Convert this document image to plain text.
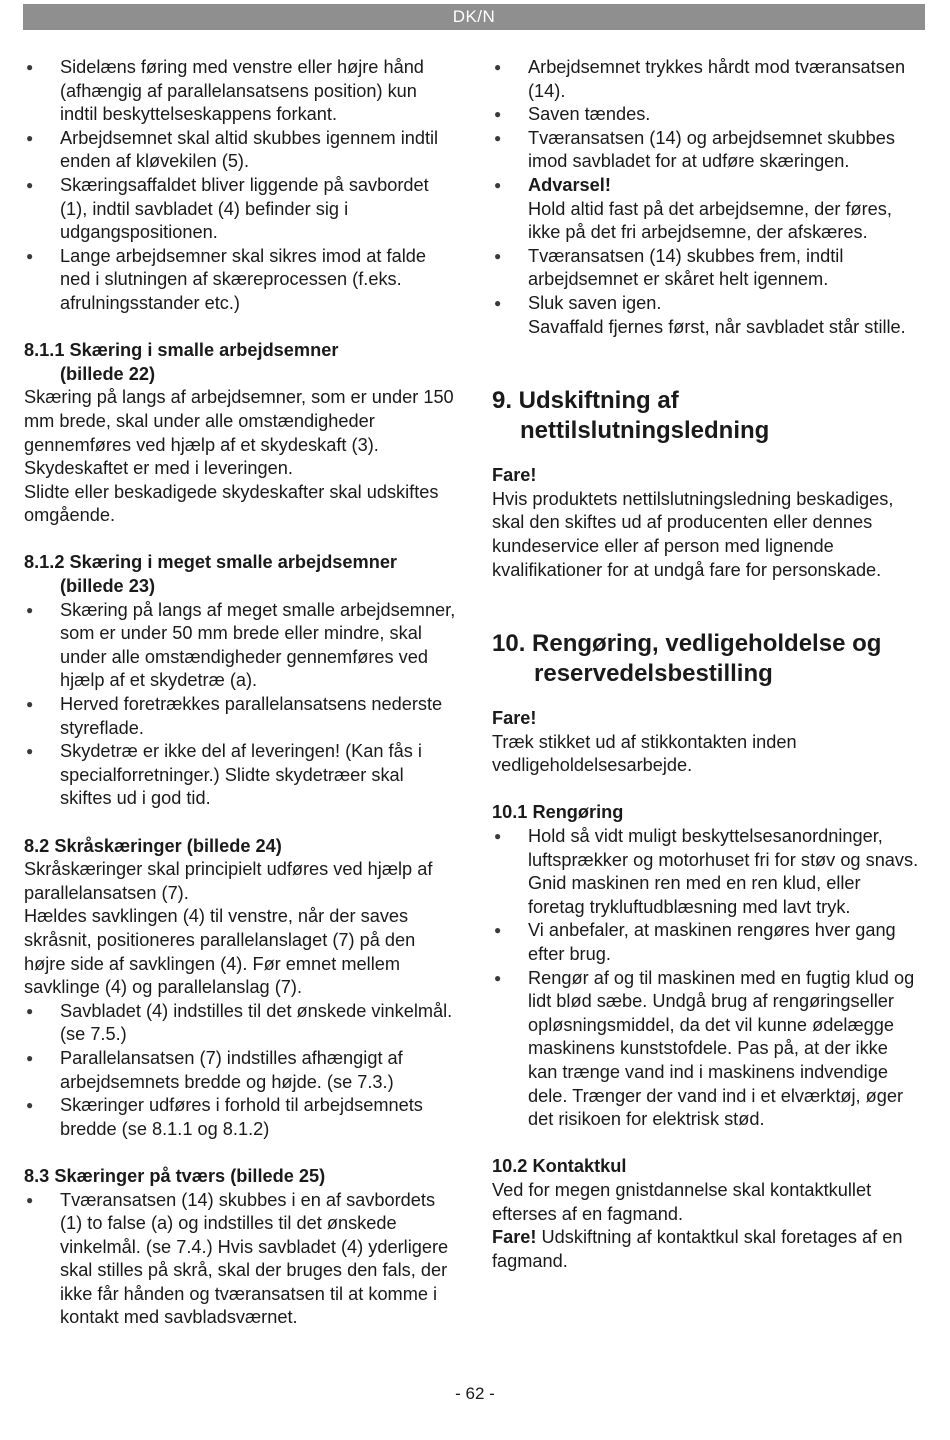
DK/N
● Sidelæns føring med venstre eller højre hånd (afhængig af parallelansatsens position) kun indtil beskyttelseskappens forkant.
● Arbejdsemnet skal altid skubbes igennem indtil enden af kløvekilen (5).
● Skæringsaffaldet bliver liggende på savbordet (1), indtil savbladet (4) befinder sig i udgangspositionen.
● Lange arbejdsemner skal sikres imod at falde ned i slutningen af skæreprocessen (f.eks. afrulningsstander etc.)
8.1.1 Skæring i smalle arbejdsemner
(billede 22)

Skæring på langs af arbejdsemner, som er under 150 mm brede, skal under alle omstændigheder gennemføres ved hjælp af et skydeskaft (3). Skydeskaftet er med i leveringen.

Slidte eller beskadigede skydeskafter skal udskiftes omgående.

8.1.2 Skæring i meget smalle arbejdsemner
(billede 23)
● Skæring på langs af meget smalle arbejdsemner, som er under 50 mm brede eller mindre, skal under alle omstændigheder gennemføres ved hjælp af et skydetræ (a).
● Herved foretrækkes parallelansatsens nederste styreflade.
● Skydetræ er ikke del af leveringen! (Kan fås i specialforretninger.) Slidte skydetræer skal skiftes ud i god tid.
8.2 Skråskæringer (billede 24)

Skråskæringer skal principielt udføres ved hjælp af parallelansatsen (7).

Hældes savklingen (4) til venstre, når der saves skråsnit, positioneres parallelanslaget (7) på den højre side af savklingen (4). Før emnet mellem savklinge (4) og parallelanslag (7).

● Savbladet (4) indstilles til det ønskede vinkelmål. (se 7.5.)
● Parallelansatsen (7) indstilles afhængigt af arbejdsemnets bredde og højde. (se 7.3.)
● Skæringer udføres i forhold til arbejdsemnets bredde (se 8.1.1 og 8.1.2)
8.3 Skæringer på tværs (billede 25)
● Tværansatsen (14) skubbes i en af savbordets (1) to false (a) og indstilles til det ønskede vinkelmål. (se 7.4.) Hvis savbladet (4) yderligere skal stilles på skrå, skal der bruges den fals, der ikke får hånden og tværansatsen til at komme i kontakt med savbladsværnet.
● Arbejdsemnet trykkes hårdt mod tværansatsen (14).
● Saven tændes.
● Tværansatsen (14) og arbejdsemnet skubbes imod savbladet for at udføre skæringen.
● Advarsel!
Hold altid fast på det arbejdsemne, der føres, ikke på det fri arbejdsemne, der afskæres.
● Tværansatsen (14) skubbes frem, indtil arbejdsemnet er skåret helt igennem.
● Sluk saven igen.
Savaffald fjernes først, når savbladet står stille.
9. Udskiftning af
nettilslutningsledning
Fare!

Hvis produktets nettilslutningsledning beskadiges, skal den skiftes ud af producenten eller dennes kundeservice eller af person med lignende kvalifikationer for at undgå fare for personskade.

10. Rengøring, vedligeholdelse og
reservedelsbestilling
Fare!

Træk stikket ud af stikkontakten inden vedligeholdelsesarbejde.

10.1 Rengøring
● Hold så vidt muligt beskyttelsesanordninger, luftsprækker og motorhuset fri for støv og snavs. Gnid maskinen ren med en ren klud, eller foretag trykluftudblæsning med lavt tryk.
● Vi anbefaler, at maskinen rengøres hver gang efter brug.
● Rengør af og til maskinen med en fugtig klud og lidt blød sæbe. Undgå brug af rengøringseller opløsningsmiddel, da det vil kunne ødelægge maskinens kunststofdele. Pas på, at der ikke kan trænge vand ind i maskinens indvendige dele. Trænger der vand ind i et elværktøj, øger det risikoen for elektrisk stød.
10.2 Kontaktkul

Ved for megen gnistdannelse skal kontaktkullet efterses af en fagmand.

Fare! Udskiftning af kontaktkul skal foretages af en fagmand.

- 62 -
